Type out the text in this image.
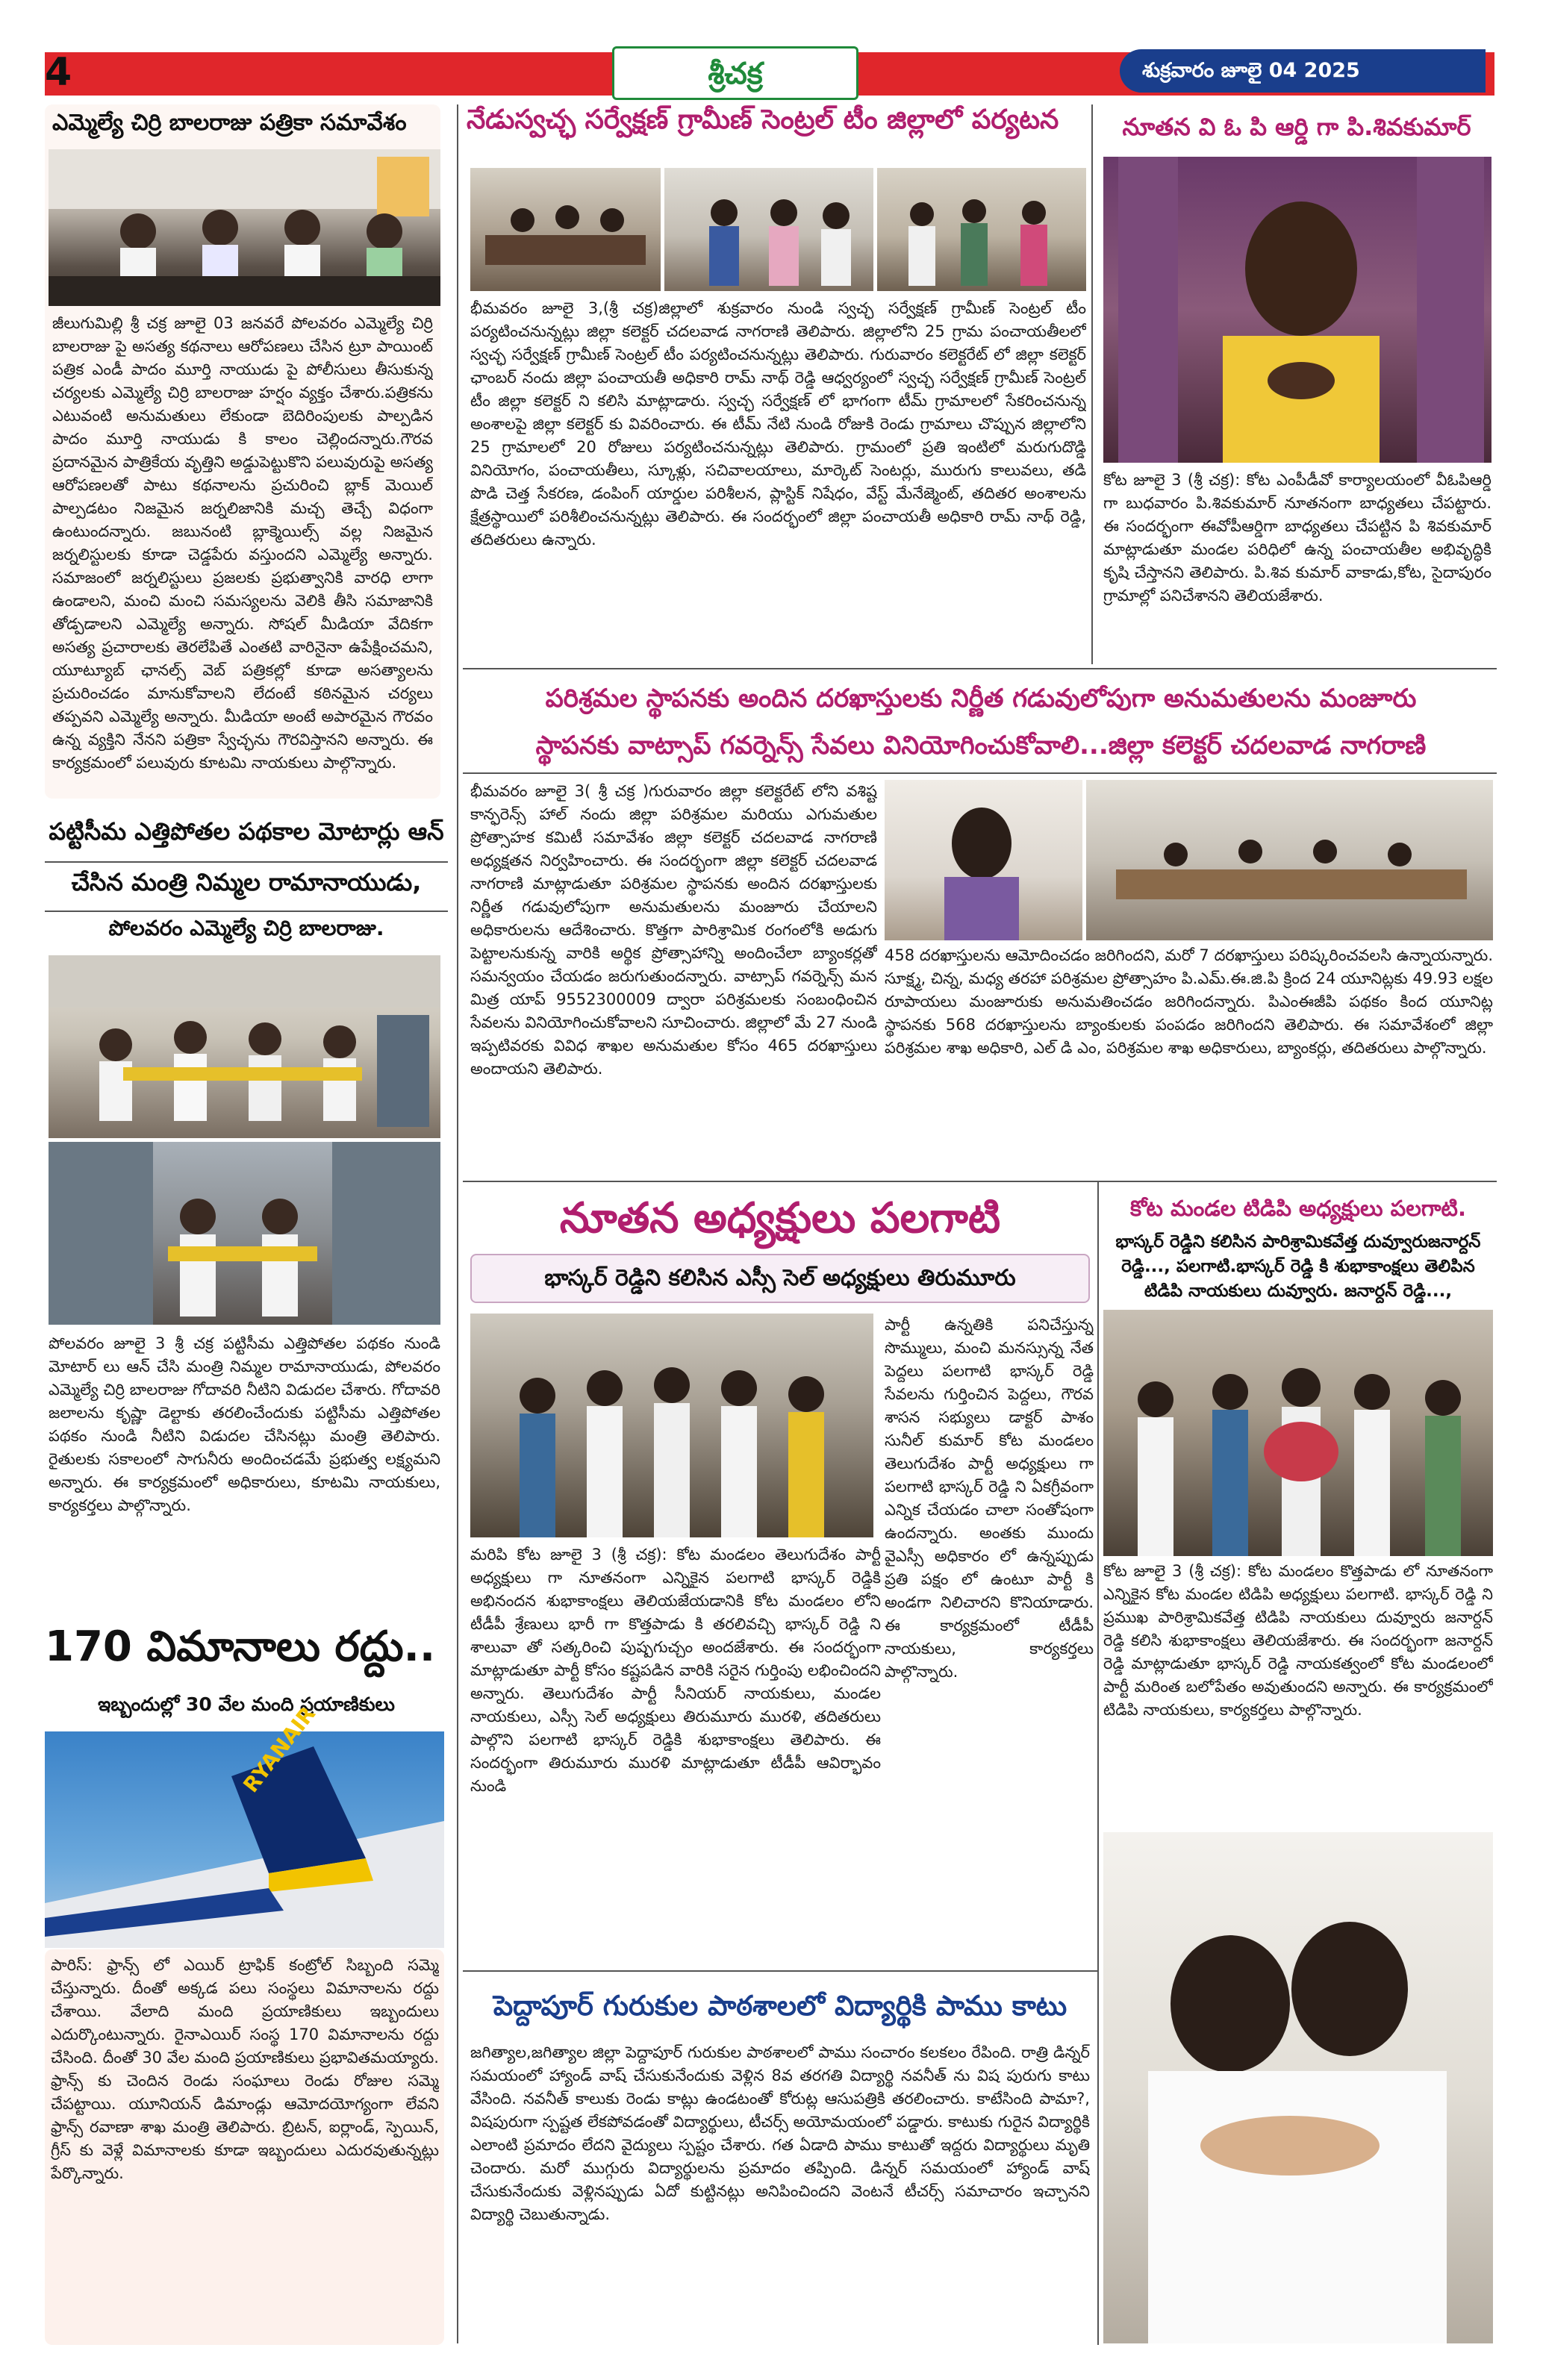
4	శ్రీచక్ర	శుక్రవారం జూలై 04 2025
ఎమ్మెల్యే చిర్రి బాలరాజు పత్రికా సమావేశం
జీలుగుమిల్లి శ్రీ చక్ర జూలై 03 జనవరే పోలవరం ఎమ్మెల్యే చిర్రి బాలరాజు పై అసత్య కథనాలు ఆరోపణలు చేసిన ట్రూ పాయింట్ పత్రిక ఎండీ పాదం మూర్తి నాయుడు పై పోలీసులు తీసుకున్న చర్యలకు ఎమ్మెల్యే చిర్రి బాలరాజు హర్షం వ్యక్తం చేశారు.పత్రికను ఎటువంటి అనుమతులు లేకుండా బెదిరింపులకు పాల్పడిన పాదం మూర్తి నాయుడు కి కాలం చెల్లిందన్నారు.గౌరవ ప్రదానమైన పాత్రికేయ వృత్తిని అడ్డుపెట్టుకొని పలువురుపై అసత్య ఆరోపణలతో పాటు కథనాలను ప్రచురించి బ్లాక్ మెయిల్ పాల్పడటం నిజమైన జర్నలిజానికి మచ్చ తెచ్చే విధంగా ఉంటుందన్నారు. జబునంటి బ్లాక్మెయిల్స్ వల్ల నిజమైన జర్నలిస్టులకు కూడా చెడ్డపేరు వస్తుందని ఎమ్మెల్యే అన్నారు. సమాజంలో జర్నలిస్టులు ప్రజలకు ప్రభుత్వానికి వారధి లాగా ఉండాలని, మంచి మంచి సమస్యలను వెలికి తీసి సమాజానికి తోడ్పడాలని ఎమ్మెల్యే అన్నారు. సోషల్ మీడియా వేదికగా అసత్య ప్రచారాలకు తెరలేపితే ఎంతటి వారినైనా ఉపేక్షించమని, యూట్యూబ్ ఛానల్స్ వెబ్ పత్రికల్లో కూడా అసత్యాలను ప్రచురించడం మానుకోవాలని లేదంటే కఠినమైన చర్యలు తప్పవని ఎమ్మెల్యే అన్నారు. మీడియా అంటే అపారమైన గౌరవం ఉన్న వ్యక్తిని నేనని పత్రికా స్వేచ్ఛను గౌరవిస్తానని అన్నారు. ఈ కార్యక్రమంలో పలువురు కూటమి నాయకులు పాల్గొన్నారు.
పట్టిసీమ ఎత్తిపోతల పథకాల మోటార్లు ఆన్
చేసిన మంత్రి నిమ్మల రామానాయుడు,
పోలవరం ఎమ్మెల్యే చిర్రి బాలరాజు.
పోలవరం జూలై 3 శ్రీ చక్ర పట్టిసీమ ఎత్తిపోతల పథకం నుండి మోటార్ లు ఆన్ చేసి మంత్రి నిమ్మల రామానాయుడు, పోలవరం ఎమ్మెల్యే చిర్రి బాలరాజు గోదావరి నీటిని విడుదల చేశారు. గోదావరి జలాలను కృష్ణా డెల్టాకు తరలించేందుకు పట్టిసీమ ఎత్తిపోతల పథకం నుండి నీటిని విడుదల చేసినట్లు మంత్రి తెలిపారు. రైతులకు సకాలంలో సాగునీరు అందించడమే ప్రభుత్వ లక్ష్యమని అన్నారు. ఈ కార్యక్రమంలో అధికారులు, కూటమి నాయకులు, కార్యకర్తలు పాల్గొన్నారు.
170 విమానాలు రద్దు..
ఇబ్బందుల్లో 30 వేల మంది ప్రయాణికులు
RYANAIR
పారిస్: ఫ్రాన్స్ లో ఎయిర్ ట్రాఫిక్ కంట్రోల్ సిబ్బంది సమ్మె చేస్తున్నారు. దీంతో అక్కడ పలు సంస్థలు విమానాలను రద్దు చేశాయి. వేలాది మంది ప్రయాణికులు ఇబ్బందులు ఎదుర్కొంటున్నారు. రైనాఎయిర్ సంస్థ 170 విమానాలను రద్దు చేసింది. దీంతో 30 వేల మంది ప్రయాణికులు ప్రభావితమయ్యారు. ఫ్రాన్స్ కు చెందిన రెండు సంఘాలు రెండు రోజుల సమ్మె చేపట్టాయి. యూనియన్ డిమాండ్లు ఆమోదయోగ్యంగా లేవని ఫ్రాన్స్ రవాణా శాఖ మంత్రి తెలిపారు. బ్రిటన్, ఐర్లాండ్, స్పెయిన్, గ్రీస్ కు వెళ్లే విమానాలకు కూడా ఇబ్బందులు ఎదురవుతున్నట్లు పేర్కొన్నారు.
నేడుస్వచ్ఛ సర్వేక్షణ్ గ్రామీణ్ సెంట్రల్ టీం జిల్లాలో పర్యటన
భీమవరం జూలై 3,(శ్రీ చక్ర)జిల్లాలో శుక్రవారం నుండి స్వచ్ఛ సర్వేక్షణ్ గ్రామీణ్ సెంట్రల్ టీం పర్యటించనున్నట్లు జిల్లా కలెక్టర్ చదలవాడ నాగరాణి తెలిపారు. జిల్లాలోని 25 గ్రామ పంచాయతీలలో స్వచ్ఛ సర్వేక్షణ్ గ్రామీణ్ సెంట్రల్ టీం పర్యటించనున్నట్లు తెలిపారు. గురువారం కలెక్టరేట్ లో జిల్లా కలెక్టర్ ఛాంబర్ నందు జిల్లా పంచాయతీ అధికారి రామ్ నాథ్ రెడ్డి ఆధ్వర్యంలో స్వచ్ఛ సర్వేక్షణ్ గ్రామీణ్ సెంట్రల్ టీం జిల్లా కలెక్టర్ ని కలిసి మాట్లాడారు. స్వచ్ఛ సర్వేక్షణ్ లో భాగంగా టీమ్ గ్రామాలలో సేకరించనున్న అంశాలపై జిల్లా కలెక్టర్ కు వివరించారు. ఈ టీమ్ నేటి నుండి రోజుకి రెండు గ్రామాలు చొప్పున జిల్లాలోని 25 గ్రామాలలో 20 రోజులు పర్యటించనున్నట్లు తెలిపారు. గ్రామంలో ప్రతి ఇంటిలో మరుగుదొడ్డి వినియోగం, పంచాయతీలు, స్కూళ్లు, సచివాలయాలు, మార్కెట్ సెంటర్లు, మురుగు కాలువలు, తడి పొడి చెత్త సేకరణ, డంపింగ్ యార్డుల పరిశీలన, ప్లాస్టిక్ నిషేధం, వేస్ట్ మేనేజ్మెంట్, తదితర అంశాలను క్షేత్రస్థాయిలో పరిశీలించనున్నట్లు తెలిపారు. ఈ సందర్భంలో జిల్లా పంచాయతీ అధికారి రామ్ నాథ్ రెడ్డి, తదితరులు ఉన్నారు.
నూతన వి ఓ పి ఆర్డి గా పి.శివకుమార్
కోట జూలై 3 (శ్రీ చక్ర): కోట ఎంపీడీవో కార్యాలయంలో వీఓపిఆర్డి గా బుధవారం పి.శివకుమార్ నూతనంగా బాధ్యతలు చేపట్టారు. ఈ సందర్భంగా ఈవోపీఆర్డిగా బాధ్యతలు చేపట్టిన పి శివకుమార్ మాట్లాడుతూ మండల పరిధిలో ఉన్న పంచాయతీల అభివృద్ధికి కృషి చేస్తానని తెలిపారు. పి.శివ కుమార్ వాకాడు,కోట, సైదాపురం గ్రామాల్లో పనిచేశానని తెలియజేశారు.
పరిశ్రమల స్థాపనకు అందిన దరఖాస్తులకు నిర్ణీత గడువులోపుగా అనుమతులను మంజూరు
స్థాపనకు వాట్సాప్ గవర్నెన్స్ సేవలు వినియోగించుకోవాలి...జిల్లా కలెక్టర్ చదలవాడ నాగరాణి
భీమవరం జూలై 3( శ్రీ చక్ర )గురువారం జిల్లా కలెక్టరేట్ లోని వశిష్ట కాన్ఫరెన్స్ హాల్ నందు జిల్లా పరిశ్రమల మరియు ఎగుమతుల ప్రోత్సాహక కమిటీ సమావేశం జిల్లా కలెక్టర్ చదలవాడ నాగరాణి అధ్యక్షతన నిర్వహించారు. ఈ సందర్భంగా జిల్లా కలెక్టర్ చదలవాడ నాగరాణి మాట్లాడుతూ పరిశ్రమల స్థాపనకు అందిన దరఖాస్తులకు నిర్ణీత గడువులోపుగా అనుమతులను మంజూరు చేయాలని అధికారులను ఆదేశించారు. కొత్తగా పారిశ్రామిక రంగంలోకి అడుగు పెట్టాలనుకున్న వారికి అర్థిక ప్రోత్సాహాన్ని అందించేలా బ్యాంకర్లతో సమన్వయం చేయడం జరుగుతుందన్నారు. వాట్సాప్ గవర్నెన్స్ మన మిత్ర యాప్ 9552300009 ద్వారా పరిశ్రమలకు సంబంధించిన సేవలను వినియోగించుకోవాలని సూచించారు. జిల్లాలో మే 27 నుండి ఇప్పటివరకు వివిధ శాఖల అనుమతుల కోసం 465 దరఖాస్తులు అందాయని తెలిపారు.
458 దరఖాస్తులను ఆమోదించడం జరిగిందని, మరో 7 దరఖాస్తులు పరిష్కరించవలసి ఉన్నాయన్నారు. సూక్ష్మ, చిన్న, మధ్య తరహా పరిశ్రమల ప్రోత్సాహం పి.ఎమ్.ఈ.జి.పి క్రింద 24 యూనిట్లకు 49.93 లక్షల రూపాయలు మంజూరుకు అనుమతించడం జరిగిందన్నారు. పిఎంఈజీపి పథకం కింద యూనిట్ల స్థాపనకు 568 దరఖాస్తులను బ్యాంకులకు పంపడం జరిగిందని తెలిపారు. ఈ సమావేశంలో జిల్లా పరిశ్రమల శాఖ అధికారి, ఎల్ డి ఎం, పరిశ్రమల శాఖ అధికారులు, బ్యాంకర్లు, తదితరులు పాల్గొన్నారు.
నూతన అధ్యక్షులు పలగాటి
భాస్కర్ రెడ్డిని కలిసిన ఎస్సీ సెల్ అధ్యక్షులు తిరుమూరు
మరిపి కోట జూలై 3 (శ్రీ చక్ర): కోట మండలం తెలుగుదేశం పార్టీ అధ్యక్షులు గా నూతనంగా ఎన్నికైన పలగాటి భాస్కర్ రెడ్డికి అభినందన శుభాకాంక్షలు తెలియజేయడానికి కోట మండలం లోని టీడీపీ శ్రేణులు భారీ గా కొత్తపాడు కి తరలివచ్చి భాస్కర్ రెడ్డి ని శాలువా తో సత్కరించి పుష్పగుచ్చం అందజేశారు. ఈ సందర్భంగా మాట్లాడుతూ పార్టీ కోసం కష్టపడిన వారికి సరైన గుర్తింపు లభించిందని అన్నారు. తెలుగుదేశం పార్టీ సీనియర్ నాయకులు, మండల నాయకులు, ఎస్సీ సెల్ అధ్యక్షులు తిరుమూరు మురళి, తదితరులు పాల్గొని పలగాటి భాస్కర్ రెడ్డికి శుభాకాంక్షలు తెలిపారు. ఈ సందర్భంగా తిరుమూరు మురళి మాట్లాడుతూ టీడీపీ ఆవిర్భావం నుండి
పార్టీ ఉన్నతికి పనిచేస్తున్న సొమ్ములు, మంచి మనస్సున్న నేత పెద్దలు పలగాటి భాస్కర్ రెడ్డి సేవలను గుర్తించిన పెద్దలు, గౌరవ శాసన సభ్యులు డాక్టర్ పాశం సునీల్ కుమార్ కోట మండలం తెలుగుదేశం పార్టీ అధ్యక్షులు గా పలగాటి భాస్కర్ రెడ్డి ని ఏకగ్రీవంగా ఎన్నిక చేయడం చాలా సంతోషంగా ఉందన్నారు. అంతకు ముందు వైఎస్సీ అధికారం లో ఉన్నప్పుడు ప్రతి పక్షం లో ఉంటూ పార్టీ కి అండగా నిలిచారని కొనియాడారు. ఈ కార్యక్రమంలో టీడీపీ నాయకులు, కార్యకర్తలు పాల్గొన్నారు.
కోట మండల టిడిపి అధ్యక్షులు పలగాటి.
భాస్కర్ రెడ్డిని కలిసిన పారిశ్రామికవేత్త దువ్వూరుజనార్దన్ రెడ్డి..., పలగాటి.భాస్కర్ రెడ్డి కి శుభాకాంక్షలు తెలిపిన టిడిపి నాయకులు దువ్వూరు. జనార్దన్ రెడ్డి...,
కోట జూలై 3 (శ్రీ చక్ర): కోట మండలం కొత్తపాడు లో నూతనంగా ఎన్నికైన కోట మండల టిడిపి అధ్యక్షులు పలగాటి. భాస్కర్ రెడ్డి ని ప్రముఖ పారిశ్రామికవేత్త టిడిపి నాయకులు దువ్వూరు జనార్దన్ రెడ్డి కలిసి శుభాకాంక్షలు తెలియజేశారు. ఈ సందర్భంగా జనార్దన్ రెడ్డి మాట్లాడుతూ భాస్కర్ రెడ్డి నాయకత్వంలో కోట మండలంలో పార్టీ మరింత బలోపేతం అవుతుందని అన్నారు. ఈ కార్యక్రమంలో టిడిపి నాయకులు, కార్యకర్తలు పాల్గొన్నారు.
పెద్దాపూర్ గురుకుల పాఠశాలలో విద్యార్థికి పాము కాటు
జగిత్యాల,జగిత్యాల జిల్లా పెద్దాపూర్ గురుకుల పాఠశాలలో పాము సంచారం కలకలం రేపింది. రాత్రి డిన్నర్ సమయంలో హ్యాండ్ వాష్ చేసుకునేందుకు వెళ్లిన 8వ తరగతి విద్యార్థి నవనీత్ ను విష పురుగు కాటు వేసింది. నవనీత్ కాలుకు రెండు కాట్లు ఉండటంతో కోరుట్ల ఆసుపత్రికి తరలించారు. కాటేసింది పామా?, విషపురుగా స్పష్టత లేకపోవడంతో విద్యార్థులు, టీచర్స్ అయోమయంలో పడ్డారు. కాటుకు గురైన విద్యార్థికి ఎలాంటి ప్రమాదం లేదని వైద్యులు స్పష్టం చేశారు. గత ఏడాది పాము కాటుతో ఇద్దరు విద్యార్థులు మృతి చెందారు. మరో ముగ్గురు విద్యార్థులను ప్రమాదం తప్పింది. డిన్నర్ సమయంలో హ్యాండ్ వాష్ చేసుకునేందుకు వెళ్లినప్పుడు ఏదో కుట్టినట్లు అనిపించిందని వెంటనే టీచర్స్ సమాచారం ఇచ్చానని విద్యార్థి చెబుతున్నాడు.
